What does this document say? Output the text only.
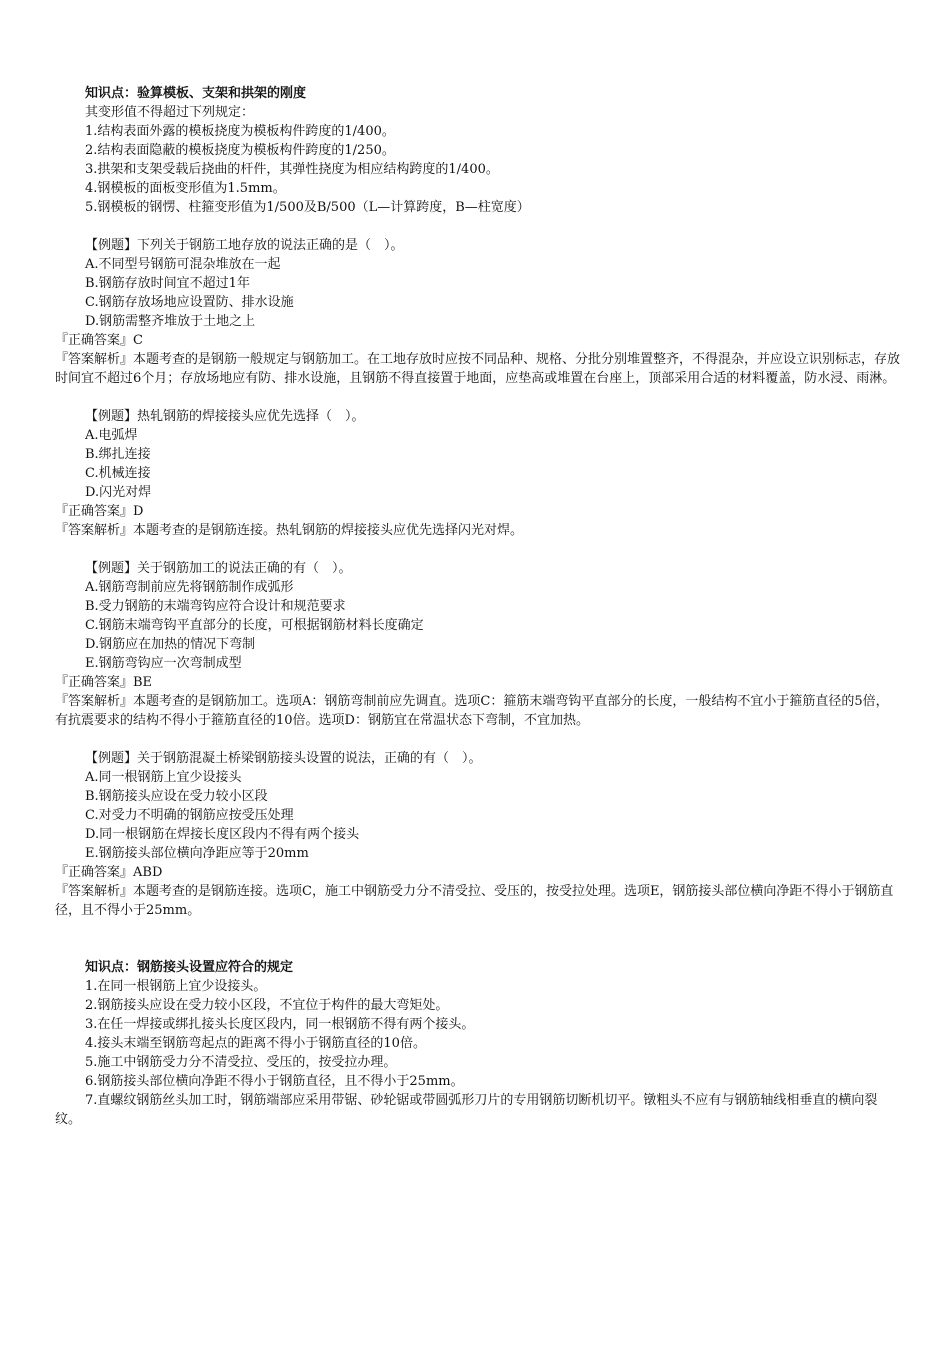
知识点：验算模板、支架和拱架的刚度
其变形值不得超过下列规定：
1.结构表面外露的模板挠度为模板构件跨度的1/400。
2.结构表面隐蔽的模板挠度为模板构件跨度的1/250。
3.拱架和支架受载后挠曲的杆件，其弹性挠度为相应结构跨度的1/400。
4.钢模板的面板变形值为1.5mm。
5.钢模板的钢愣、柱箍变形值为1/500及B/500（L—计算跨度，B—柱宽度）
【例题】下列关于钢筋工地存放的说法正确的是（　）。
A.不同型号钢筋可混杂堆放在一起
B.钢筋存放时间宜不超过1年
C.钢筋存放场地应设置防、排水设施
D.钢筋需整齐堆放于土地之上
『正确答案』C
『答案解析』本题考查的是钢筋一般规定与钢筋加工。在工地存放时应按不同品种、规格、分批分别堆置整齐，不得混杂，并应设立识别标志，存放时间宜不超过6个月；存放场地应有防、排水设施，且钢筋不得直接置于地面，应垫高或堆置在台座上，顶部采用合适的材料覆盖，防水浸、雨淋。
【例题】热轧钢筋的焊接接头应优先选择（　）。
A.电弧焊
B.绑扎连接
C.机械连接
D.闪光对焊
『正确答案』D
『答案解析』本题考查的是钢筋连接。热轧钢筋的焊接接头应优先选择闪光对焊。
【例题】关于钢筋加工的说法正确的有（　）。
A.钢筋弯制前应先将钢筋制作成弧形
B.受力钢筋的末端弯钩应符合设计和规范要求
C.钢筋末端弯钩平直部分的长度，可根据钢筋材料长度确定
D.钢筋应在加热的情况下弯制
E.钢筋弯钩应一次弯制成型
『正确答案』BE
『答案解析』本题考查的是钢筋加工。选项A：钢筋弯制前应先调直。选项C：箍筋末端弯钩平直部分的长度，一般结构不宜小于箍筋直径的5倍，有抗震要求的结构不得小于箍筋直径的10倍。选项D：钢筋宜在常温状态下弯制，不宜加热。
【例题】关于钢筋混凝土桥梁钢筋接头设置的说法，正确的有（　）。
A.同一根钢筋上宜少设接头
B.钢筋接头应设在受力较小区段
C.对受力不明确的钢筋应按受压处理
D.同一根钢筋在焊接长度区段内不得有两个接头
E.钢筋接头部位横向净距应等于20mm
『正确答案』ABD
『答案解析』本题考查的是钢筋连接。选项C，施工中钢筋受力分不清受拉、受压的，按受拉处理。选项E，钢筋接头部位横向净距不得小于钢筋直径，且不得小于25mm。
知识点：钢筋接头设置应符合的规定
1.在同一根钢筋上宜少设接头。
2.钢筋接头应设在受力较小区段，不宜位于构件的最大弯矩处。
3.在任一焊接或绑扎接头长度区段内，同一根钢筋不得有两个接头。
4.接头末端至钢筋弯起点的距离不得小于钢筋直径的10倍。
5.施工中钢筋受力分不清受拉、受压的，按受拉办理。
6.钢筋接头部位横向净距不得小于钢筋直径，且不得小于25mm。
7.直螺纹钢筋丝头加工时，钢筋端部应采用带锯、砂轮锯或带圆弧形刀片的专用钢筋切断机切平。镦粗头不应有与钢筋轴线相垂直的横向裂纹。
